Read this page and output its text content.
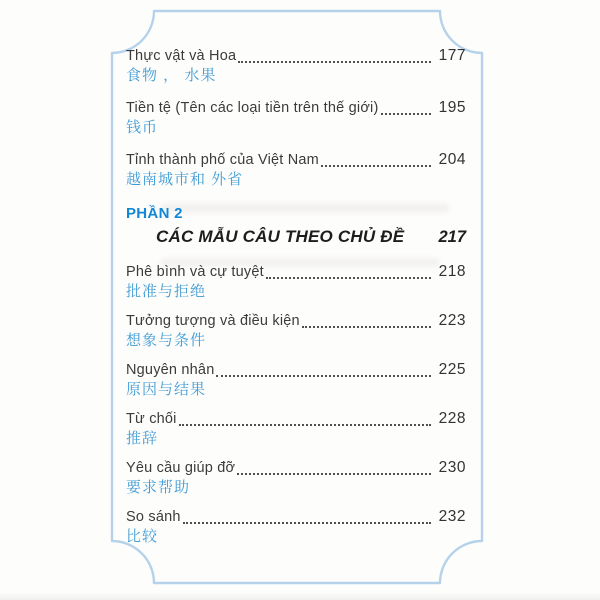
Thực vật và Hoa	177
食物 ， 水果
Tiền tệ (Tên các loại tiền trên thế giới)	195
钱币
Tỉnh thành phố của Việt Nam	204
越南城市和 外省
PHẦN 2
CÁC MẪU CÂU THEO CHỦ ĐỀ 217
Phê bình và cự tuyệt	218
批准与拒绝
Tưởng tượng và điều kiện	223
想象与条件
Nguyên nhân	225
原因与结果
Từ chối	228
推辞
Yêu cầu giúp đỡ	230
要求帮助
So sánh	232
比较
